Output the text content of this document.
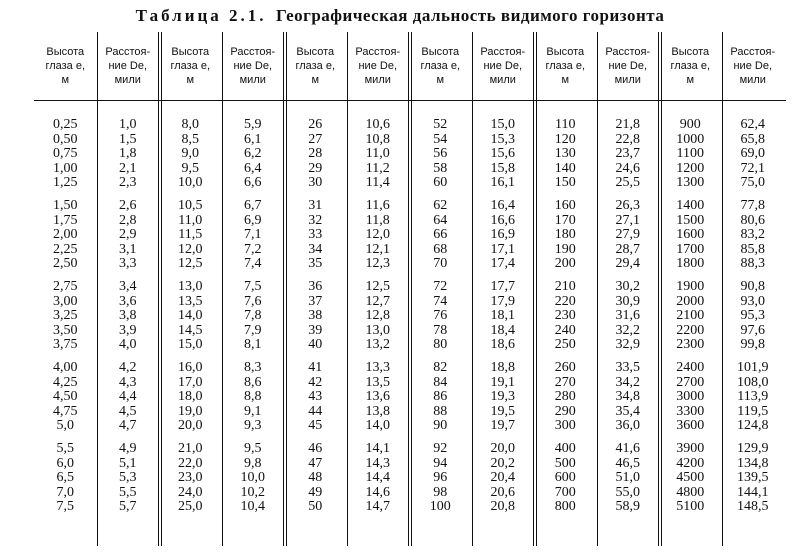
Таблица 2.1. Географическая дальность видимого горизонта
Высота
глаза e,
м
0,25
0,50
0,75
1,00
1,25
1,50
1,75
2,00
2,25
2,50
2,75
3,00
3,25
3,50
3,75
4,00
4,25
4,50
4,75
5,0
5,5
6,0
6,5
7,0
7,5
Расстоя-
ние De,
мили
1,0
1,5
1,8
2,1
2,3
2,6
2,8
2,9
3,1
3,3
3,4
3,6
3,8
3,9
4,0
4,2
4,3
4,4
4,5
4,7
4,9
5,1
5,3
5,5
5,7
Высота
глаза e,
м
8,0
8,5
9,0
9,5
10,0
10,5
11,0
11,5
12,0
12,5
13,0
13,5
14,0
14,5
15,0
16,0
17,0
18,0
19,0
20,0
21,0
22,0
23,0
24,0
25,0
Расстоя-
ние De,
мили
5,9
6,1
6,2
6,4
6,6
6,7
6,9
7,1
7,2
7,4
7,5
7,6
7,8
7,9
8,1
8,3
8,6
8,8
9,1
9,3
9,5
9,8
10,0
10,2
10,4
Высота
глаза e,
м
26
27
28
29
30
31
32
33
34
35
36
37
38
39
40
41
42
43
44
45
46
47
48
49
50
Расстоя-
ние De,
мили
10,6
10,8
11,0
11,2
11,4
11,6
11,8
12,0
12,1
12,3
12,5
12,7
12,8
13,0
13,2
13,3
13,5
13,6
13,8
14,0
14,1
14,3
14,4
14,6
14,7
Высота
глаза e,
м
52
54
56
58
60
62
64
66
68
70
72
74
76
78
80
82
84
86
88
90
92
94
96
98
100
Расстоя-
ние De,
мили
15,0
15,3
15,6
15,8
16,1
16,4
16,6
16,9
17,1
17,4
17,7
17,9
18,1
18,4
18,6
18,8
19,1
19,3
19,5
19,7
20,0
20,2
20,4
20,6
20,8
Высота
глаза e,
м
110
120
130
140
150
160
170
180
190
200
210
220
230
240
250
260
270
280
290
300
400
500
600
700
800
Расстоя-
ние De,
мили
21,8
22,8
23,7
24,6
25,5
26,3
27,1
27,9
28,7
29,4
30,2
30,9
31,6
32,2
32,9
33,5
34,2
34,8
35,4
36,0
41,6
46,5
51,0
55,0
58,9
Высота
глаза e,
м
900
1000
1100
1200
1300
1400
1500
1600
1700
1800
1900
2000
2100
2200
2300
2400
2700
3000
3300
3600
3900
4200
4500
4800
5100
Расстоя-
ние De,
мили
62,4
65,8
69,0
72,1
75,0
77,8
80,6
83,2
85,8
88,3
90,8
93,0
95,3
97,6
99,8
101,9
108,0
113,9
119,5
124,8
129,9
134,8
139,5
144,1
148,5
